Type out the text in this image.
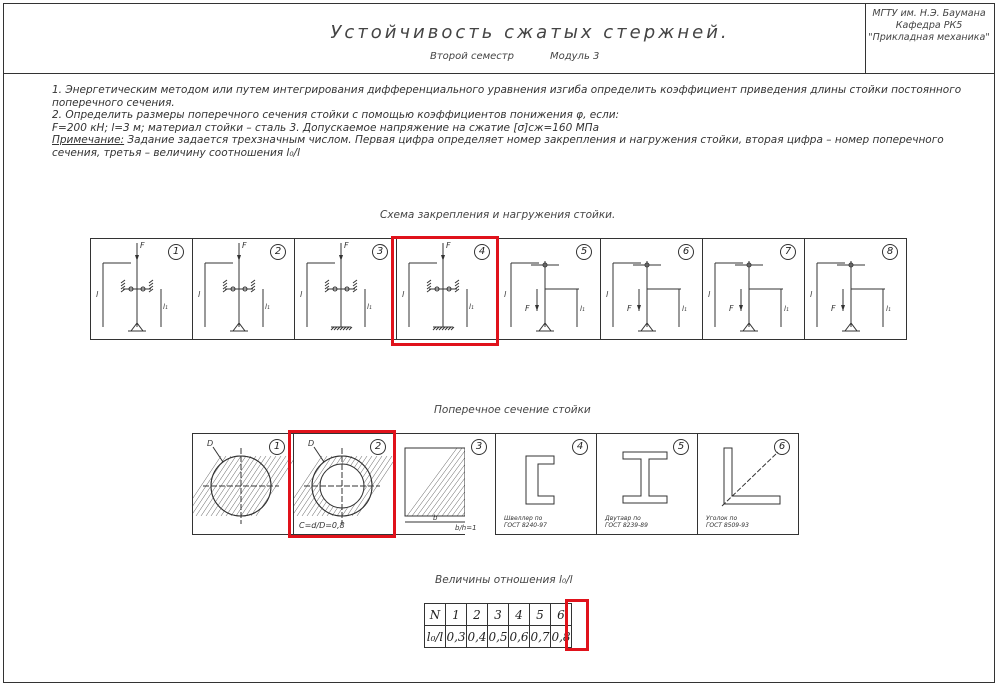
Устойчивость сжатых стержней.
Второй семестр	Модуль 3
МГТУ им. Н.Э. Баумана
Кафедра РК5
"Прикладная механика"

1. Энергетическим методом или путем интегрирования дифференциального уравнения изгиба определить коэффициент приведения длины стойки постоянного поперечного сечения.

2. Определить размеры поперечного сечения стойки с помощью коэффициентов понижения φ, если:

F=200 кН; l=3 м; материал стойки – сталь 3. Допускаемое напряжение на сжатие [σ]сж=160 МПа

Примечание: Задание задается трехзначным числом. Первая цифра определяет номер закрепления и нагружения стойки, вторая цифра – номер поперечного сечения, третья – величину соотношения l₀/l

Схема закрепления и нагружения стойки.
l
F
l₁
1
l
F
l₁
2
l
F
l₁
3
l
F
l₁
4
l
F	l₁
5
l
F	l₁
6
l
F	l₁
7
l
F	l₁
8
Поперечное сечение стойки
D	1	D
C=d/D=0,8
2
b
b/h=1
3
Швеллер по
ГОСТ 8240-97
4
Двутавр по
ГОСТ 8239-89
5
Уголок по
ГОСТ 8509-93
6
Величины отношения l₀/l
N	1	2	3	4	5	6
l₀/l	0,3	0,4	0,5	0,6	0,7	0,8
